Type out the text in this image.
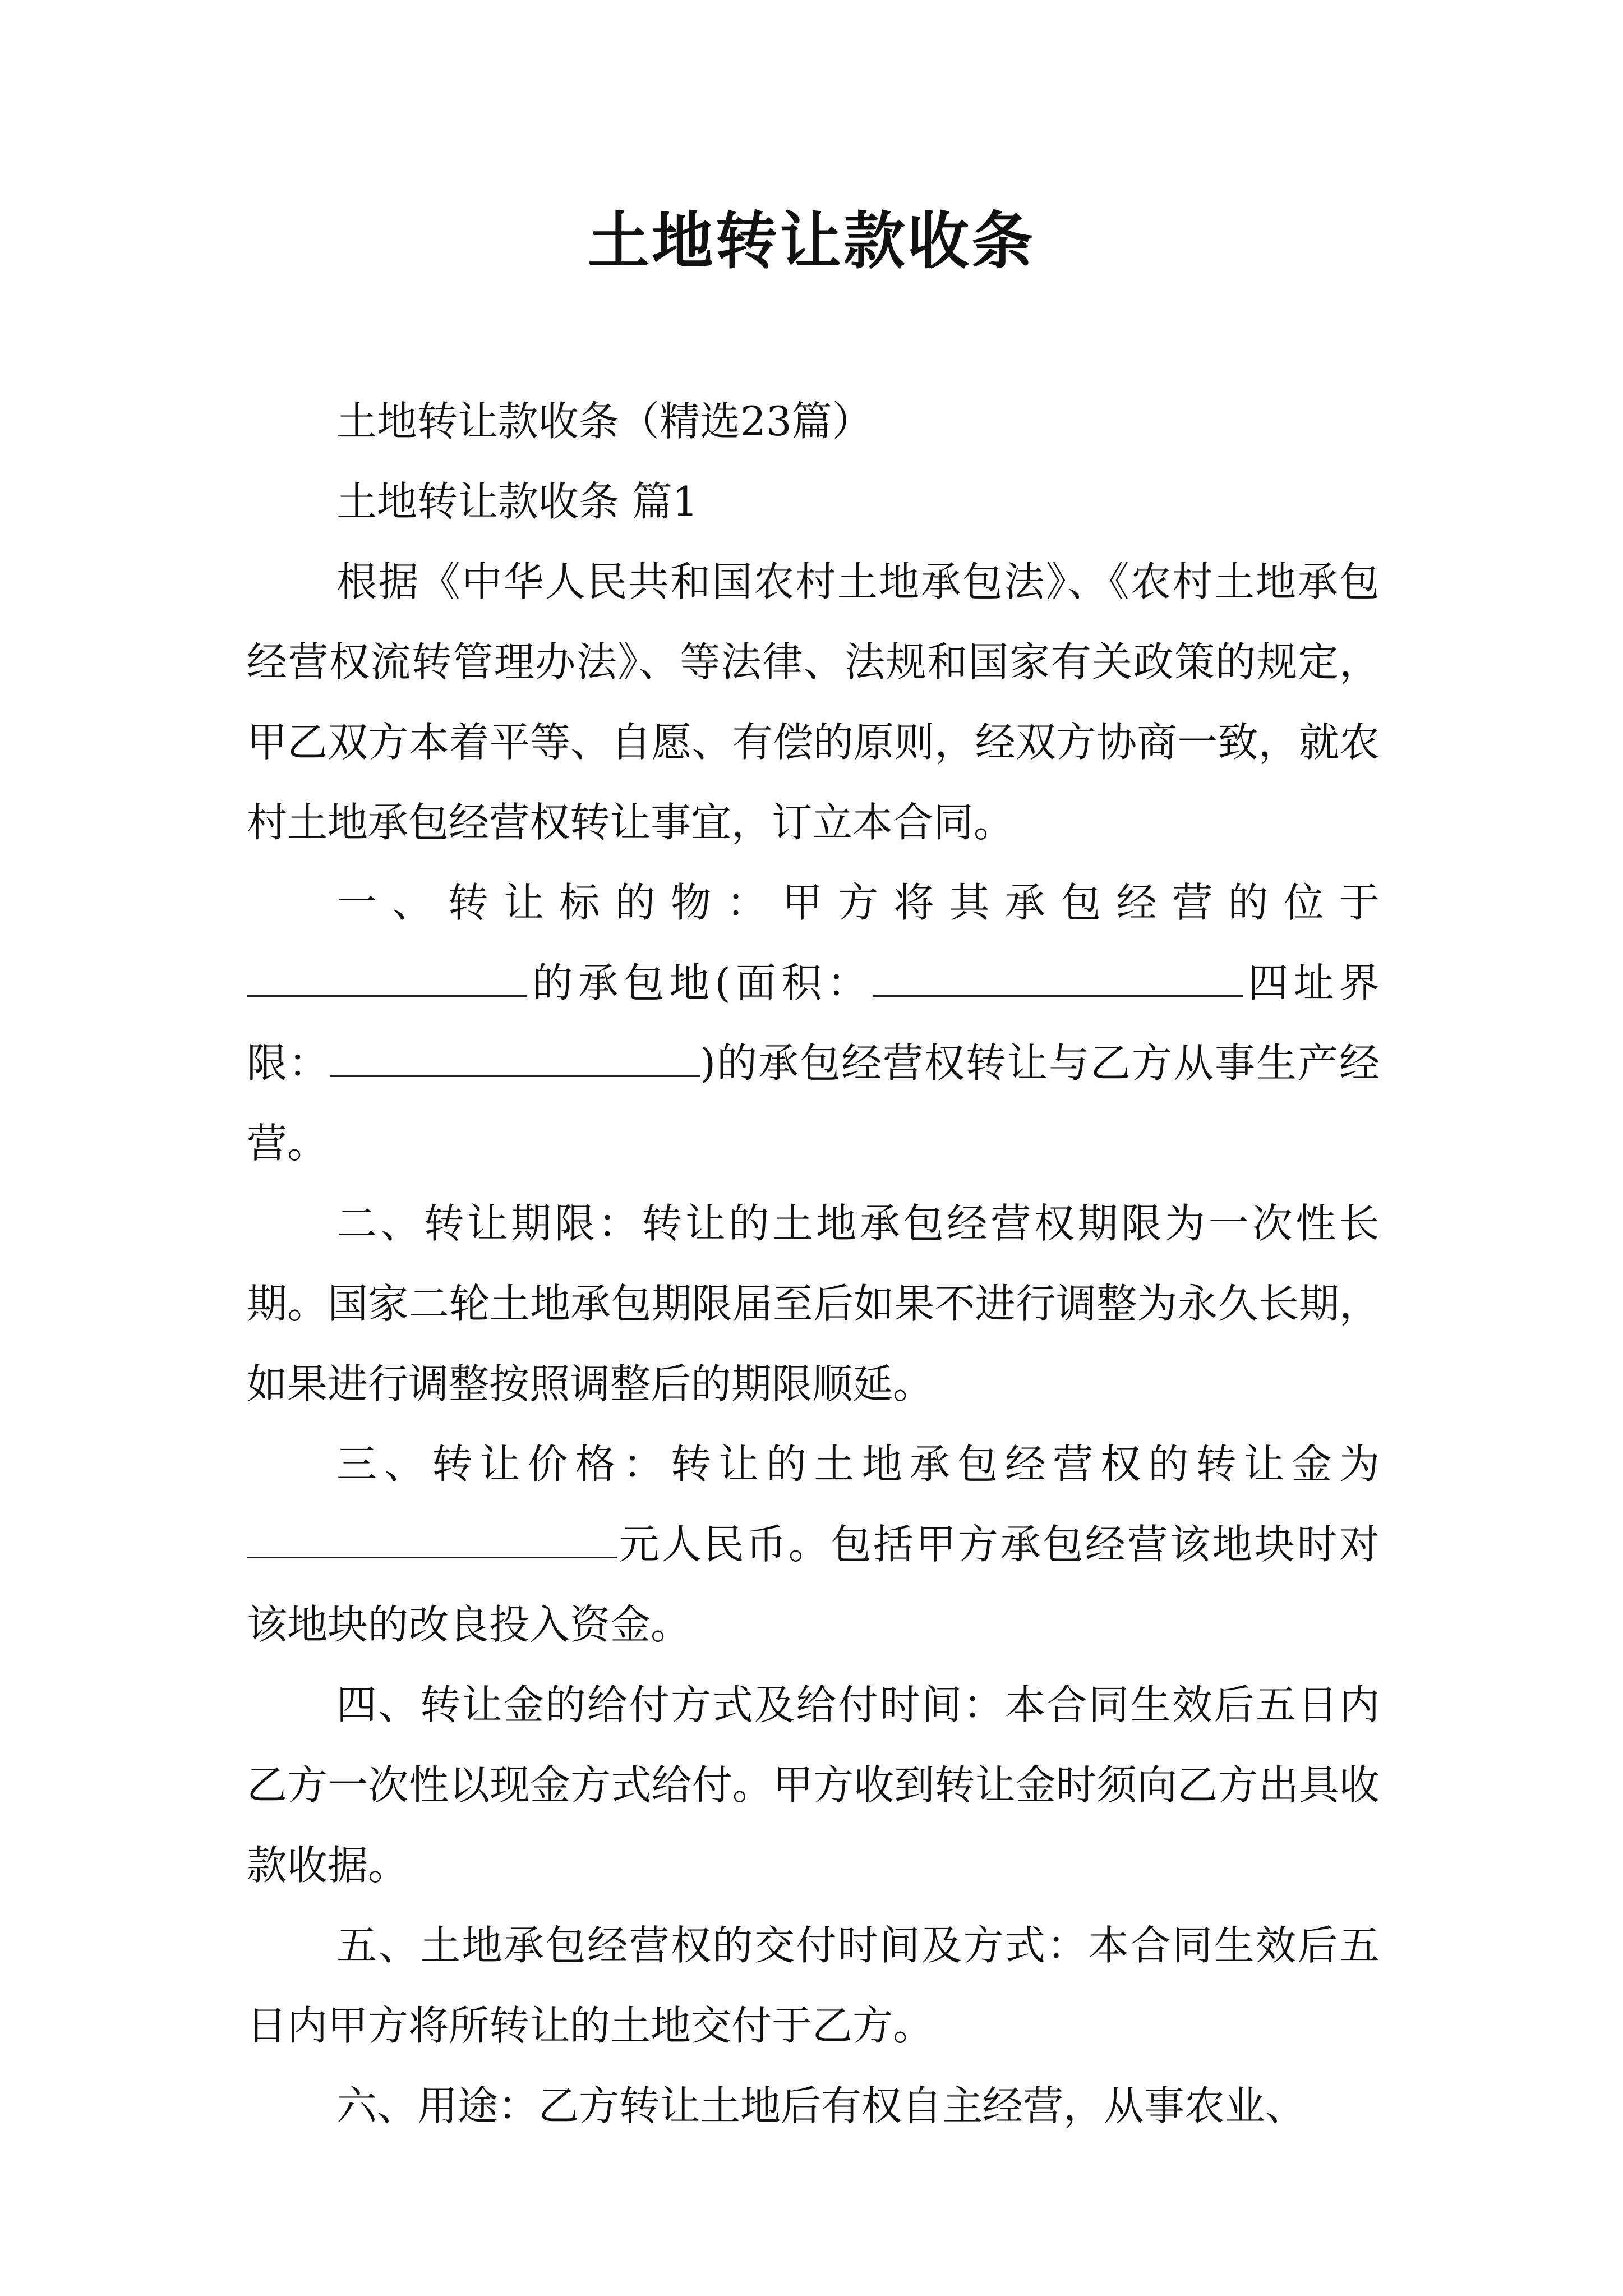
土地转让款收条

土地转让款收条（精选23篇）

土地转让款收条 篇1

根据《中华人民共和国农村土地承包法》、《农村土地承包经营权流转管理办法》、等法律、法规和国家有关政策的规定，甲乙双方本着平等、自愿、有偿的原则，经双方协商一致，就农村土地承包经营权转让事宜，订立本合同。

一、转让标的物：甲方将其承包经营的位于的承包地(面积：	四址界限：	)的承包经营权转让与乙方从事生产经营。

二、转让期限：转让的土地承包经营权期限为一次性长期。国家二轮土地承包期限届至后如果不进行调整为永久长期，如果进行调整按照调整后的期限顺延。

三、转让价格：转让的土地承包经营权的转让金为元人民币。包括甲方承包经营该地块时对该地块的改良投入资金。

四、转让金的给付方式及给付时间：本合同生效后五日内乙方一次性以现金方式给付。甲方收到转让金时须向乙方出具收款收据。

五、土地承包经营权的交付时间及方式：本合同生效后五日内甲方将所转让的土地交付于乙方。

六、用途：乙方转让土地后有权自主经营，从事农业、
